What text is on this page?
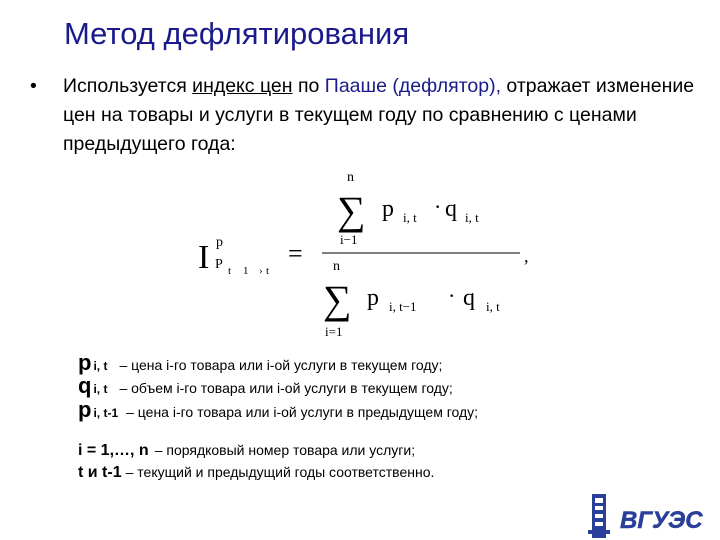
Метод дефлятирования
• Используется индекс цен по Пааше (дефлятор), отражает изменение цен на товары и услуги в текущем году по сравнению с ценами предыдущего года:
I p
P t 1 › t
=
n
∑
i−1
p i, t · q i, t
,
n
∑
i=1
p i, t−1 · q i, t
pi, t – цена i-го товара или i-ой услуги в текущем году;
qi, t – объем i-го товара или i-ой услуги в текущем году;
pi, t-1 – цена i-го товара или i-ой услуги в предыдущем году;
i = 1,…, n – порядковый номер товара или услуги;
t и t-1 – текущий и предыдущий годы соответственно.
ВГУЭС
